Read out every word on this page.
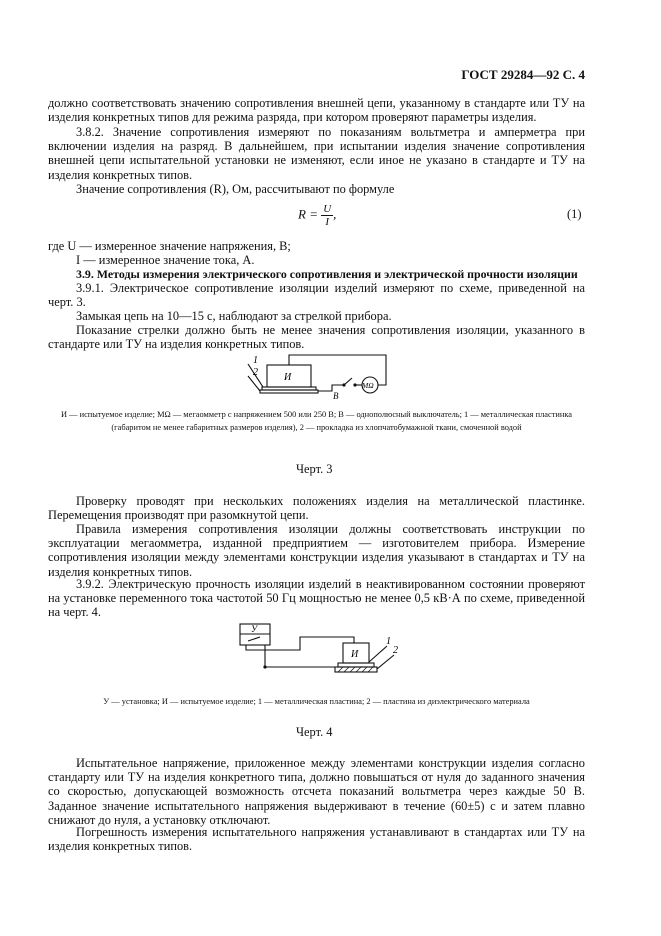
ГОСТ 29284—92 С. 4
должно соответствовать значению сопротивления внешней цепи, указанному в стандарте или ТУ на изделия конкретных типов для режима разряда, при котором проверяют параметры изделия.
3.8.2. Значение сопротивления измеряют по показаниям вольтметра и амперметра при включении изделия на разряд. В дальнейшем, при испытании изделия значение сопротивления внешней цепи испытательной установки не изменяют, если иное не указано в стандарте и ТУ на изделия конкретных типов.
Значение сопротивления (R), Ом, рассчитывают по формуле
$R = \frac{U}{I}$,	(1)
где U — измеренное значение напряжения, В;
I — измеренное значение тока, А.
3.9. Методы измерения электрического сопротивления и электрической прочности изоляции
3.9.1. Электрическое сопротивление изоляции изделий измеряют по схеме, приведенной на черт. 3.
Замыкая цепь на 10—15 с, наблюдают за стрелкой прибора.
Показание стрелки должно быть не менее значения сопротивления изоляции, указанного в стандарте или ТУ на изделия конкретных типов.
1
2	И
MΩ
B
И — испытуемое изделие; MΩ — мегаомметр с напряжением 500 или 250 В; В — однополюсный выключатель; 1 — металлическая пластинка (габаритом не менее габаритных размеров изделия), 2 — прокладка из хлопчатобумажной ткани, смоченной водой
Черт. 3
Проверку проводят при нескольких положениях изделия на металлической пластинке. Перемещения производят при разомкнутой цепи.
Правила измерения сопротивления изоляции должны соответствовать инструкции по эксплуатации мегаомметра, изданной предприятием — изготовителем прибора. Измерение сопротивления изоляции между элементами конструкции изделия указывают в стандартах и ТУ на изделия конкретных типов.
3.9.2. Электрическую прочность изоляции изделий в неактивированном состоянии проверяют на установке переменного тока частотой 50 Гц мощностью не менее 0,5 кВ·А по схеме, приведенной на черт. 4.
У
И
1
2
У — установка; И — испытуемое изделие; 1 — металлическая пластина; 2 — пластина из диэлектрического материала
Черт. 4
Испытательное напряжение, приложенное между элементами конструкции изделия согласно стандарту или ТУ на изделия конкретного типа, должно повышаться от нуля до заданного значения со скоростью, допускающей возможность отсчета показаний вольтметра через каждые 50 В. Заданное значение испытательного напряжения выдерживают в течение (60±5) с и затем плавно снижают до нуля, а установку отключают.
Погрешность измерения испытательного напряжения устанавливают в стандартах или ТУ на изделия конкретных типов.
